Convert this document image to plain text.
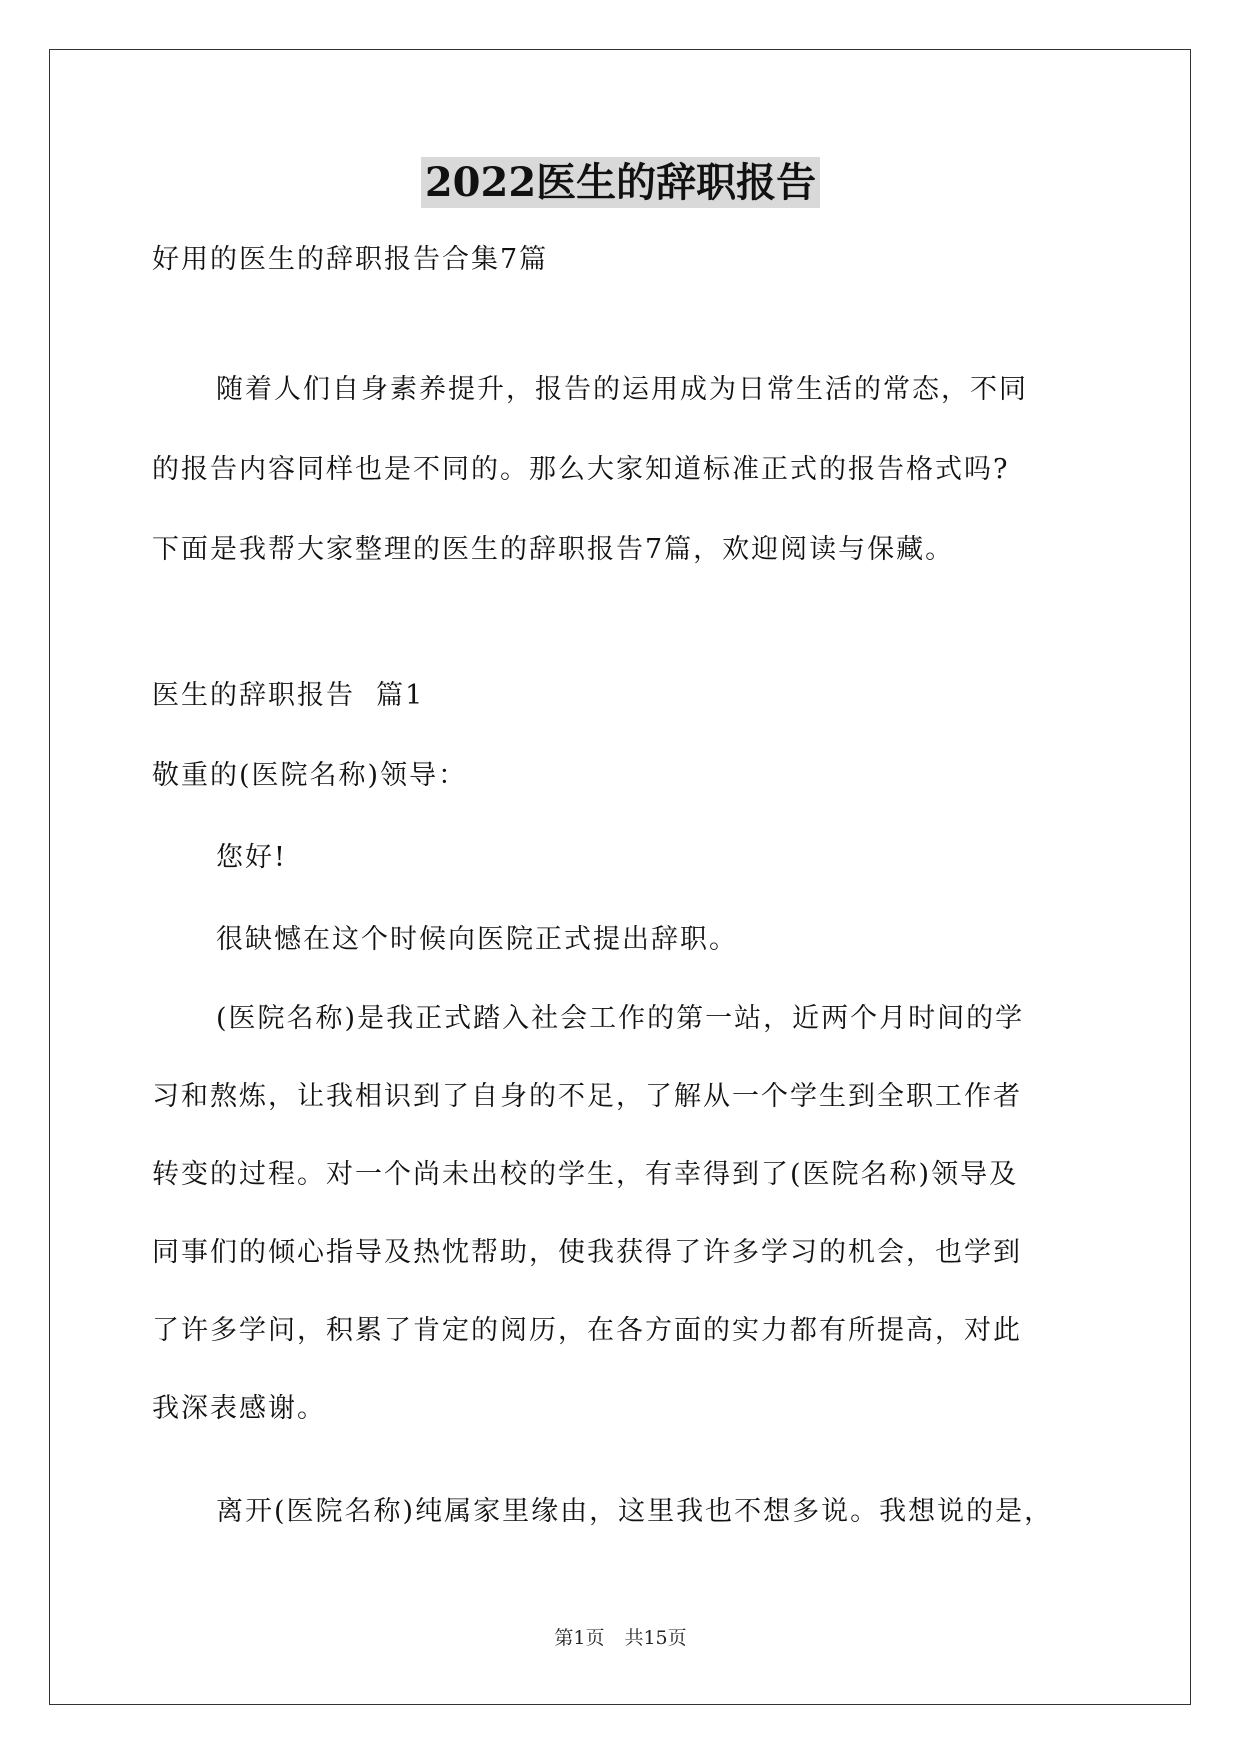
2022医生的辞职报告
好用的医生的辞职报告合集7篇
随着人们自身素养提升，报告的运用成为日常生活的常态，不同
的报告内容同样也是不同的。那么大家知道标准正式的报告格式吗?
下面是我帮大家整理的医生的辞职报告7篇，欢迎阅读与保藏。
医生的辞职报告  篇1
敬重的(医院名称)领导：
您好!
很缺憾在这个时候向医院正式提出辞职。
(医院名称)是我正式踏入社会工作的第一站，近两个月时间的学
习和熬炼，让我相识到了自身的不足，了解从一个学生到全职工作者
转变的过程。对一个尚未出校的学生，有幸得到了(医院名称)领导及
同事们的倾心指导及热忱帮助，使我获得了许多学习的机会，也学到
了许多学问，积累了肯定的阅历，在各方面的实力都有所提高，对此
我深表感谢。
离开(医院名称)纯属家里缘由，这里我也不想多说。我想说的是，
第1页 共15页
